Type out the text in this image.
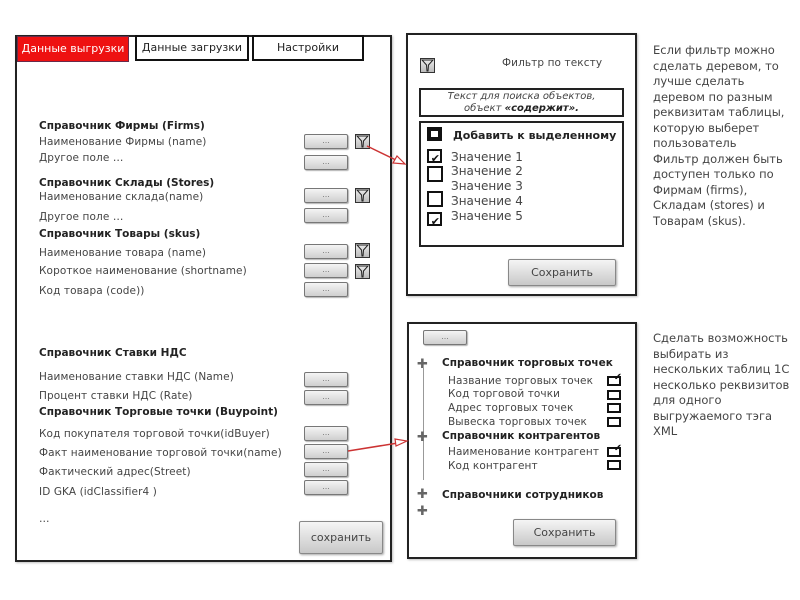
Данные выгрузки	Данные загрузки	Настройки
Справочник Фирмы (Firms)
Наименование Фирмы (name)	...
Другое поле …	...
Справочник Склады (Stores)
Наименование склада(name)	...
Другое поле …	...
Справочник Товары (skus)
Наименование товара (name)	...
Короткое наименование (shortname)	...
Код товара (code))	...
Справочник Ставки НДС
Наименование ставки НДС (Name)	...
Процент ставки НДС (Rate)	...
Справочник Торговые точки (Buypoint)
Код покупателя торговой точки(idBuyer)	...
Факт наименование торговой точки(name)	...
Фактический адрес(Street)	...
ID GKA (idClassifier4 )	...
…
сохранить
Фильтр по тексту
Текст для поиска объектов,
объект «содержит».
Добавить к выделенному
✔ Значение 1
Значение 2
Значение 3
Значение 4
✔ Значение 5
Сохранить
...
✚ Справочник торговых точек
Название торговых точек ✔
Код торговой точки
Адрес торговых точек
Вывеска торговых точек
✚ Справочник контрагентов
Наименование контрагент ✔
Код контрагент
✚ Справочники сотрудников
✚
Сохранить
Если фильтр можно
сделать деревом, то
лучше сделать
деревом по разным
реквизитам таблицы,
которую выберет
пользователь
Фильтр должен быть
доступен только по
Фирмам (firms),
Складам (stores) и
Товарам (skus).
Сделать возможность
выбирать из
нескольких таблиц 1С
несколько реквизитов
для одного
выгружаемого тэга
XML
